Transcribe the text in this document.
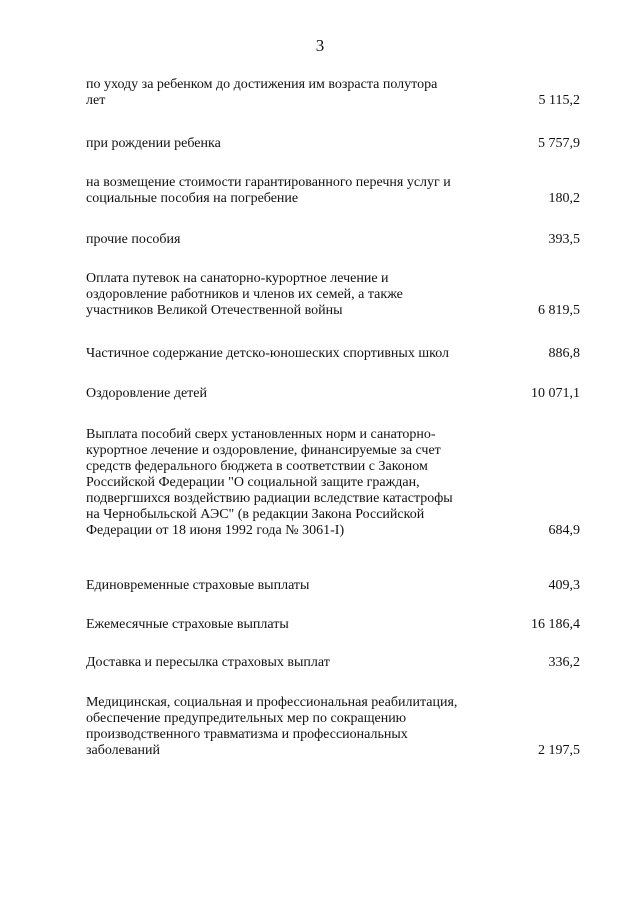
3
по уходу за ребенком до достижения им возраста полутора
лет	5 115,2
при рождении ребенка	5 757,9
на возмещение стоимости гарантированного перечня услуг и
социальные пособия на погребение	180,2
прочие пособия	393,5
Оплата путевок на санаторно-курортное лечение и
оздоровление работников и членов их семей, а также
участников Великой Отечественной войны	6 819,5
Частичное содержание детско-юношеских спортивных школ	886,8
Оздоровление детей	10 071,1
Выплата пособий сверх установленных норм и санаторно-
курортное лечение и оздоровление, финансируемые за счет
средств федерального бюджета в соответствии с Законом
Российской Федерации "О социальной защите граждан,
подвергшихся воздействию радиации вследствие катастрофы
на Чернобыльской АЭС" (в редакции Закона Российской
Федерации от 18 июня 1992 года № 3061-I)	684,9
Единовременные страховые выплаты	409,3
Ежемесячные страховые выплаты	16 186,4
Доставка и пересылка страховых выплат	336,2
Медицинская, социальная и профессиональная реабилитация,
обеспечение предупредительных мер по сокращению
производственного травматизма и профессиональных
заболеваний	2 197,5
